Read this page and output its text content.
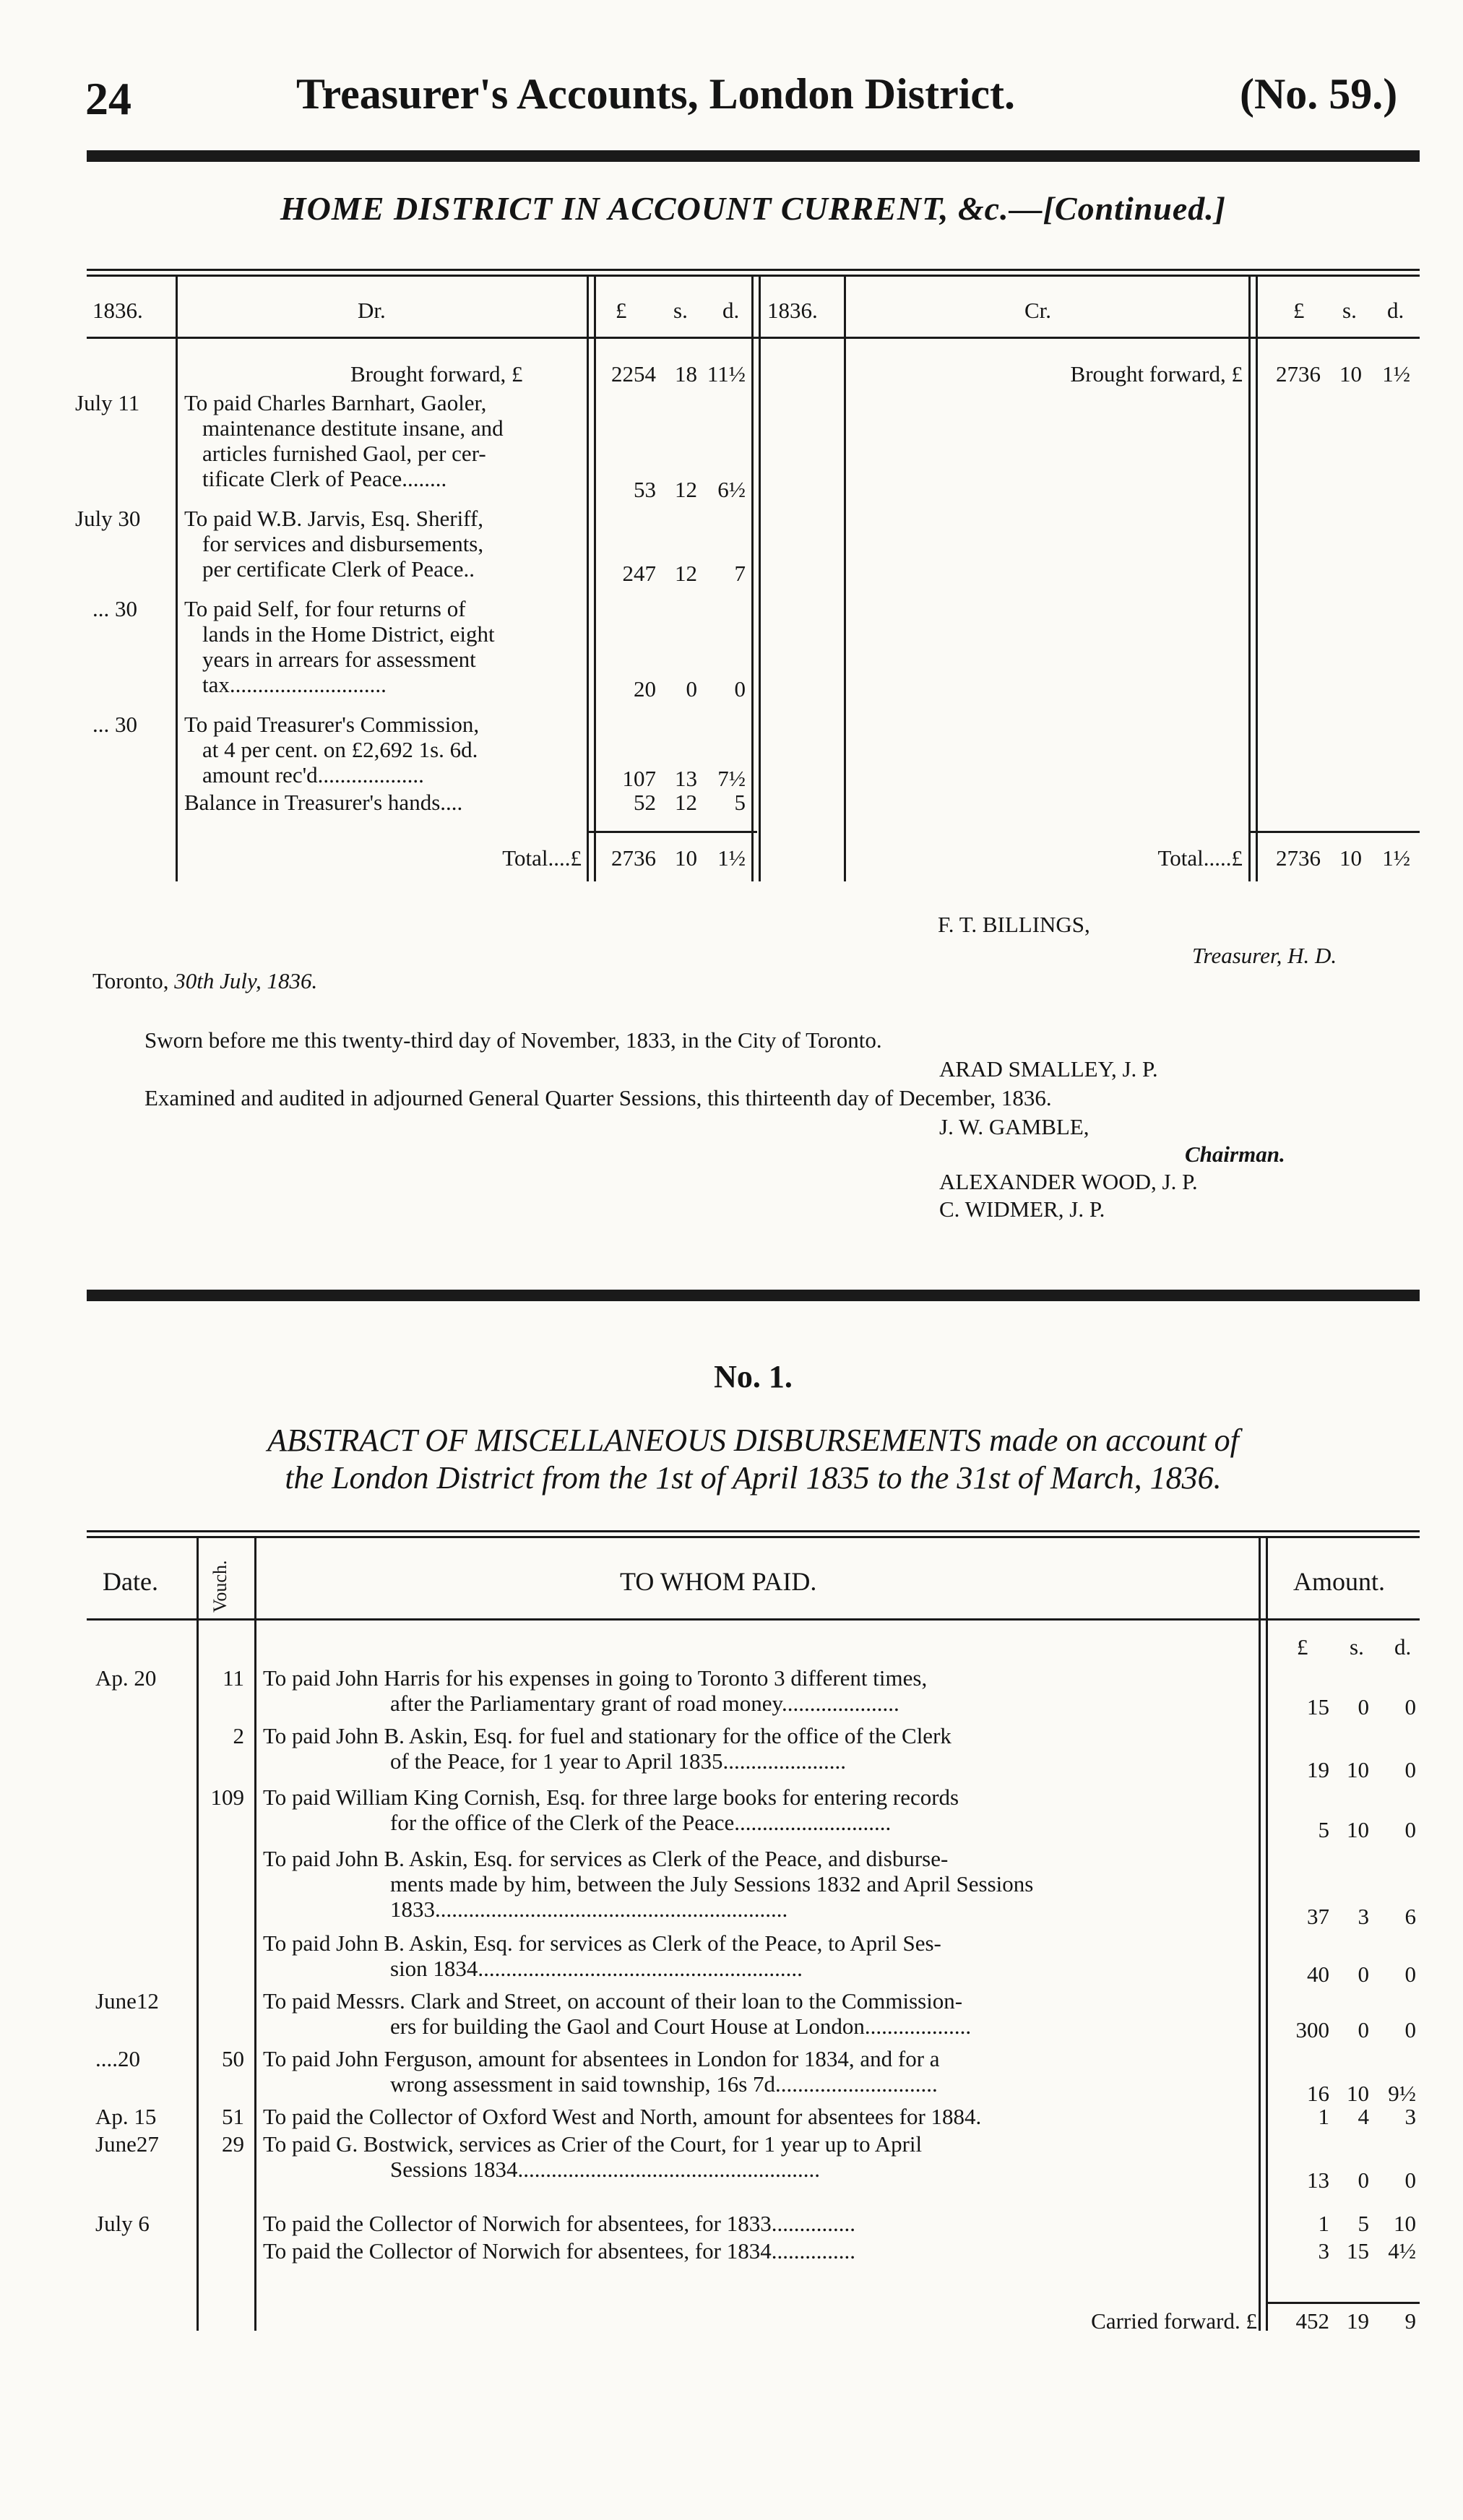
24	Treasurer's Accounts, London District.	(No. 59.)
HOME DISTRICT IN ACCOUNT CURRENT, &c.—[Continued.]
1836.	Dr.	£ s. d. 1836.	Cr.	£ s. d.
Brought forward, £	2254 18 11½
July 11 To paid Charles Barnhart, Gaoler,
maintenance destitute insane, and
articles furnished Gaol, per cer-
tificate Clerk of Peace........	53 12 6½
July 30 To paid W.B. Jarvis, Esq. Sheriff,
for services and disbursements,
per certificate Clerk of Peace..	247 12	7
... 30 To paid Self, for four returns of
lands in the Home District, eight
years in arrears for assessment
tax............................	20	0	0
... 30 To paid Treasurer's Commission,
at 4 per cent. on £2,692 1s. 6d.
amount rec'd...................	107 13 7½
Balance in Treasurer's hands....	52 12	5
Total....£	2736 10 1½
Brought forward, £	2736 10 1½
Total.....£	2736 10 1½
F. T. BILLINGS,
Treasurer, H. D.
Toronto, 30th July, 1836.
Sworn before me this twenty-third day of November, 1833, in the City of Toronto.
ARAD SMALLEY, J. P.
Examined and audited in adjourned General Quarter Sessions, this thirteenth day of December, 1836.
J. W. GAMBLE,
Chairman.
ALEXANDER WOOD, J. P.
C. WIDMER, J. P.
No. 1.
ABSTRACT OF MISCELLANEOUS DISBURSEMENTS made on account of
the London District from the 1st of April 1835 to the 31st of March, 1836.
Date.	Vouch.	TO WHOM PAID.	Amount.
£ s. d.
Ap. 20	11 To paid John Harris for his expenses in going to Toronto 3 different times,
after the Parliamentary grant of road money.....................	15	0	0
2 To paid John B. Askin, Esq. for fuel and stationary for the office of the Clerk
of the Peace, for 1 year to April 1835......................	19 10	0
109 To paid William King Cornish, Esq. for three large books for entering records
for the office of the Clerk of the Peace............................	5 10	0
To paid John B. Askin, Esq. for services as Clerk of the Peace, and disburse-
ments made by him, between the July Sessions 1832 and April Sessions
1833...............................................................	37	3	6
To paid John B. Askin, Esq. for services as Clerk of the Peace, to April Ses-
sion 1834..........................................................	40	0	0
June12	To paid Messrs. Clark and Street, on account of their loan to the Commission-
ers for building the Gaol and Court House at London...................	300	0	0
....20	50 To paid John Ferguson, amount for absentees in London for 1834, and for a
wrong assessment in said township, 16s 7d.............................	16 10 9½
Ap. 15	51 To paid the Collector of Oxford West and North, amount for absentees for 1884.	1	4	3
June27	29 To paid G. Bostwick, services as Crier of the Court, for 1 year up to April
Sessions 1834......................................................	13	0	0
July 6	To paid the Collector of Norwich for absentees, for 1833...............	1	5	10
To paid the Collector of Norwich for absentees, for 1834...............	3 15 4½
Carried forward. £	452 19	9
